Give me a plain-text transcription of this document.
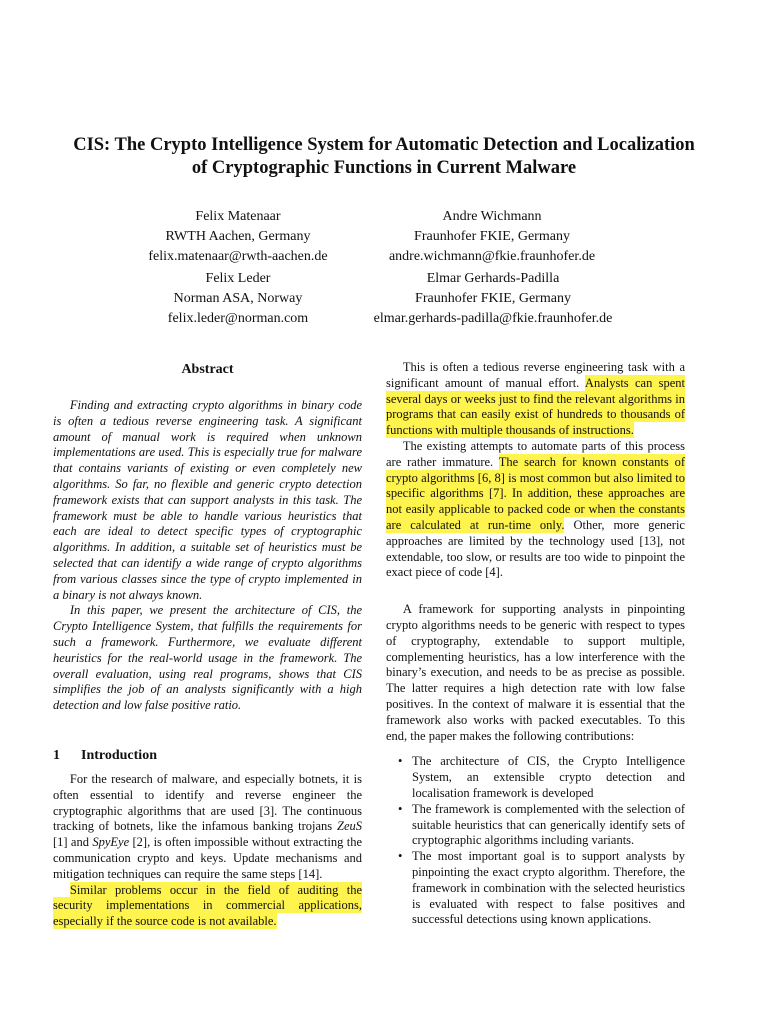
CIS: The Crypto Intelligence System for Automatic Detection and Localization
of Cryptographic Functions in Current Malware
Felix Matenaar
RWTH Aachen, Germany
felix.matenaar@rwth-aachen.de
Andre Wichmann
Fraunhofer FKIE, Germany
andre.wichmann@fkie.fraunhofer.de
Felix Leder
Norman ASA, Norway
felix.leder@norman.com
Elmar Gerhards-Padilla
Fraunhofer FKIE, Germany
elmar.gerhards-padilla@fkie.fraunhofer.de
Abstract

Finding and extracting crypto algorithms in binary code is often a tedious reverse engineering task. A significant amount of manual work is required when unknown implementations are used. This is especially true for malware that contains variants of existing or even completely new algorithms. So far, no flexible and generic crypto detection framework exists that can support analysts in this task. The framework must be able to handle various heuristics that each are ideal to detect specific types of cryptographic algorithms. In addition, a suitable set of heuristics must be selected that can identify a wide range of crypto algorithms from various classes since the type of crypto implemented in a binary is not always known.

In this paper, we present the architecture of CIS, the Crypto Intelligence System, that fulfills the requirements for such a framework. Furthermore, we evaluate different heuristics for the real-world usage in the framework. The overall evaluation, using real programs, shows that CIS simplifies the job of an analysts significantly with a high detection and low false positive ratio.

1 Introduction

For the research of malware, and especially botnets, it is often essential to identify and reverse engineer the cryptographic algorithms that are used [3]. The continuous tracking of botnets, like the infamous banking trojans ZeuS [1] and SpyEye [2], is often impossible without extracting the communication crypto and keys. Update mechanisms and mitigation techniques can require the same steps [14].

Similar problems occur in the field of auditing the security implementations in commercial applications, especially if the source code is not available.

This is often a tedious reverse engineering task with a significant amount of manual effort. Analysts can spent several days or weeks just to find the relevant algorithms in programs that can easily exist of hundreds to thousands of functions with multiple thousands of instructions.

The existing attempts to automate parts of this process are rather immature. The search for known constants of crypto algorithms [6, 8] is most common but also limited to specific algorithms [7]. In addition, these approaches are not easily applicable to packed code or when the constants are calculated at run-time only. Other, more generic approaches are limited by the technology used [13], not extendable, too slow, or results are too wide to pinpoint the exact piece of code [4].

A framework for supporting analysts in pinpointing crypto algorithms needs to be generic with respect to types of cryptography, extendable to support multiple, complementing heuristics, has a low interference with the binary’s execution, and needs to be as precise as possible. The latter requires a high detection rate with low false positives. In the context of malware it is essential that the framework also works with packed executables. To this end, the paper makes the following contributions:

• The architecture of CIS, the Crypto Intelligence System, an extensible crypto detection and localisation framework is developed
• The framework is complemented with the selection of suitable heuristics that can generically identify sets of cryptographic algorithms including variants.
• The most important goal is to support analysts by pinpointing the exact crypto algorithm. Therefore, the framework in combination with the selected heuristics is evaluated with respect to false positives and successful detections using known applications.
